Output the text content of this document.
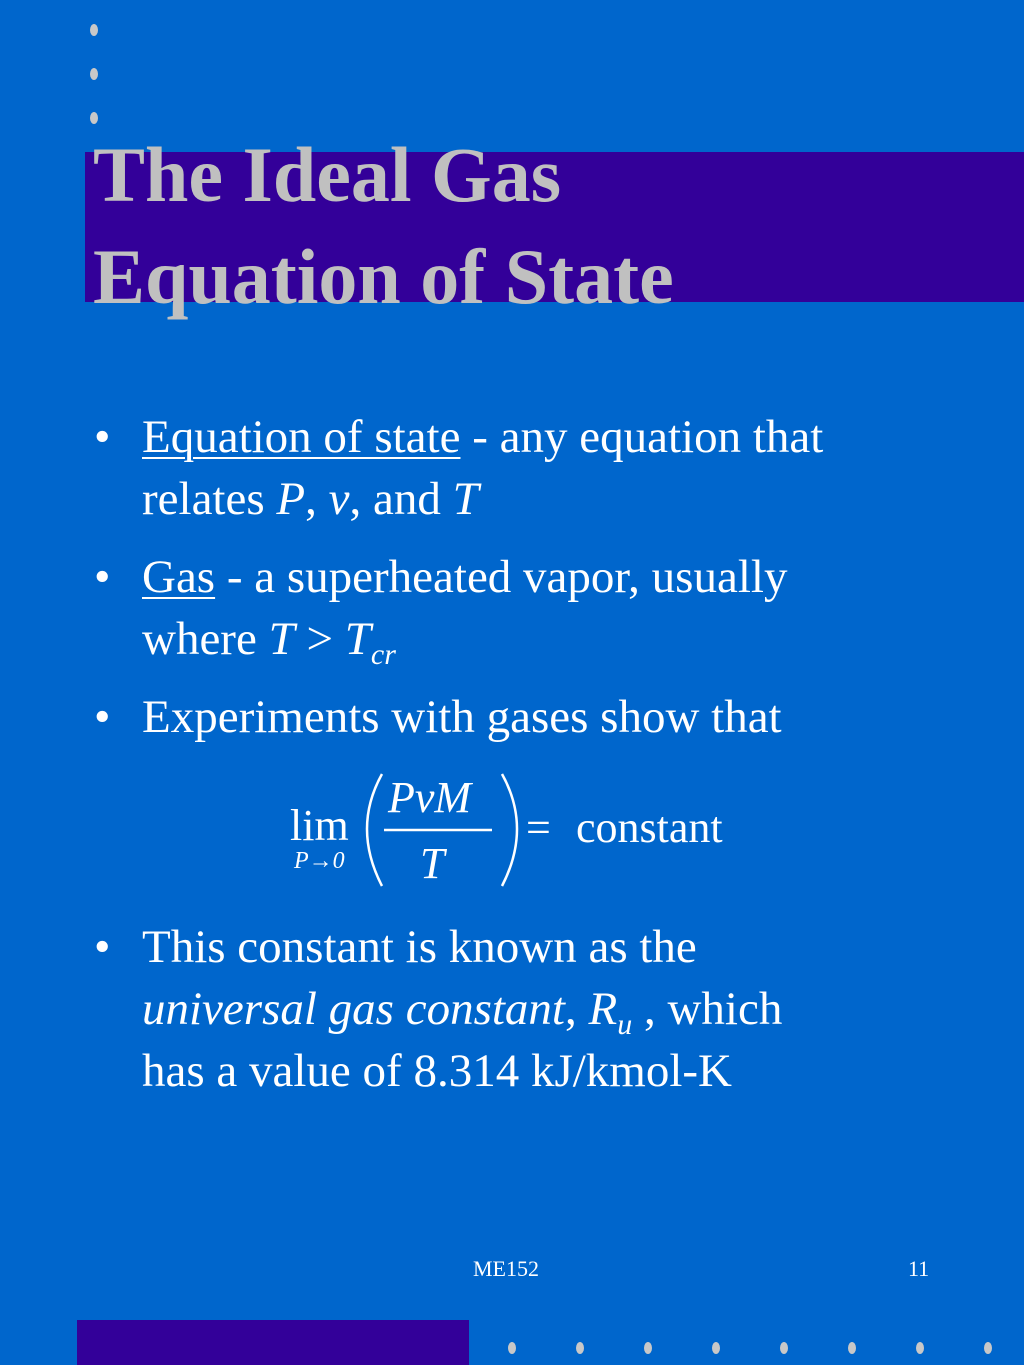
The Ideal Gas
Equation of State
• Equation of state - any equation that
relates P, v, and T
• Gas - a superheated vapor, usually
where $T > T_{cr}$
• Experiments with gases show that
lim
P→0
PvM
T
= constant
• This constant is known as the
universal gas constant, $R_u$ , which
has a value of 8.314 kJ/kmol-K
ME152	11
